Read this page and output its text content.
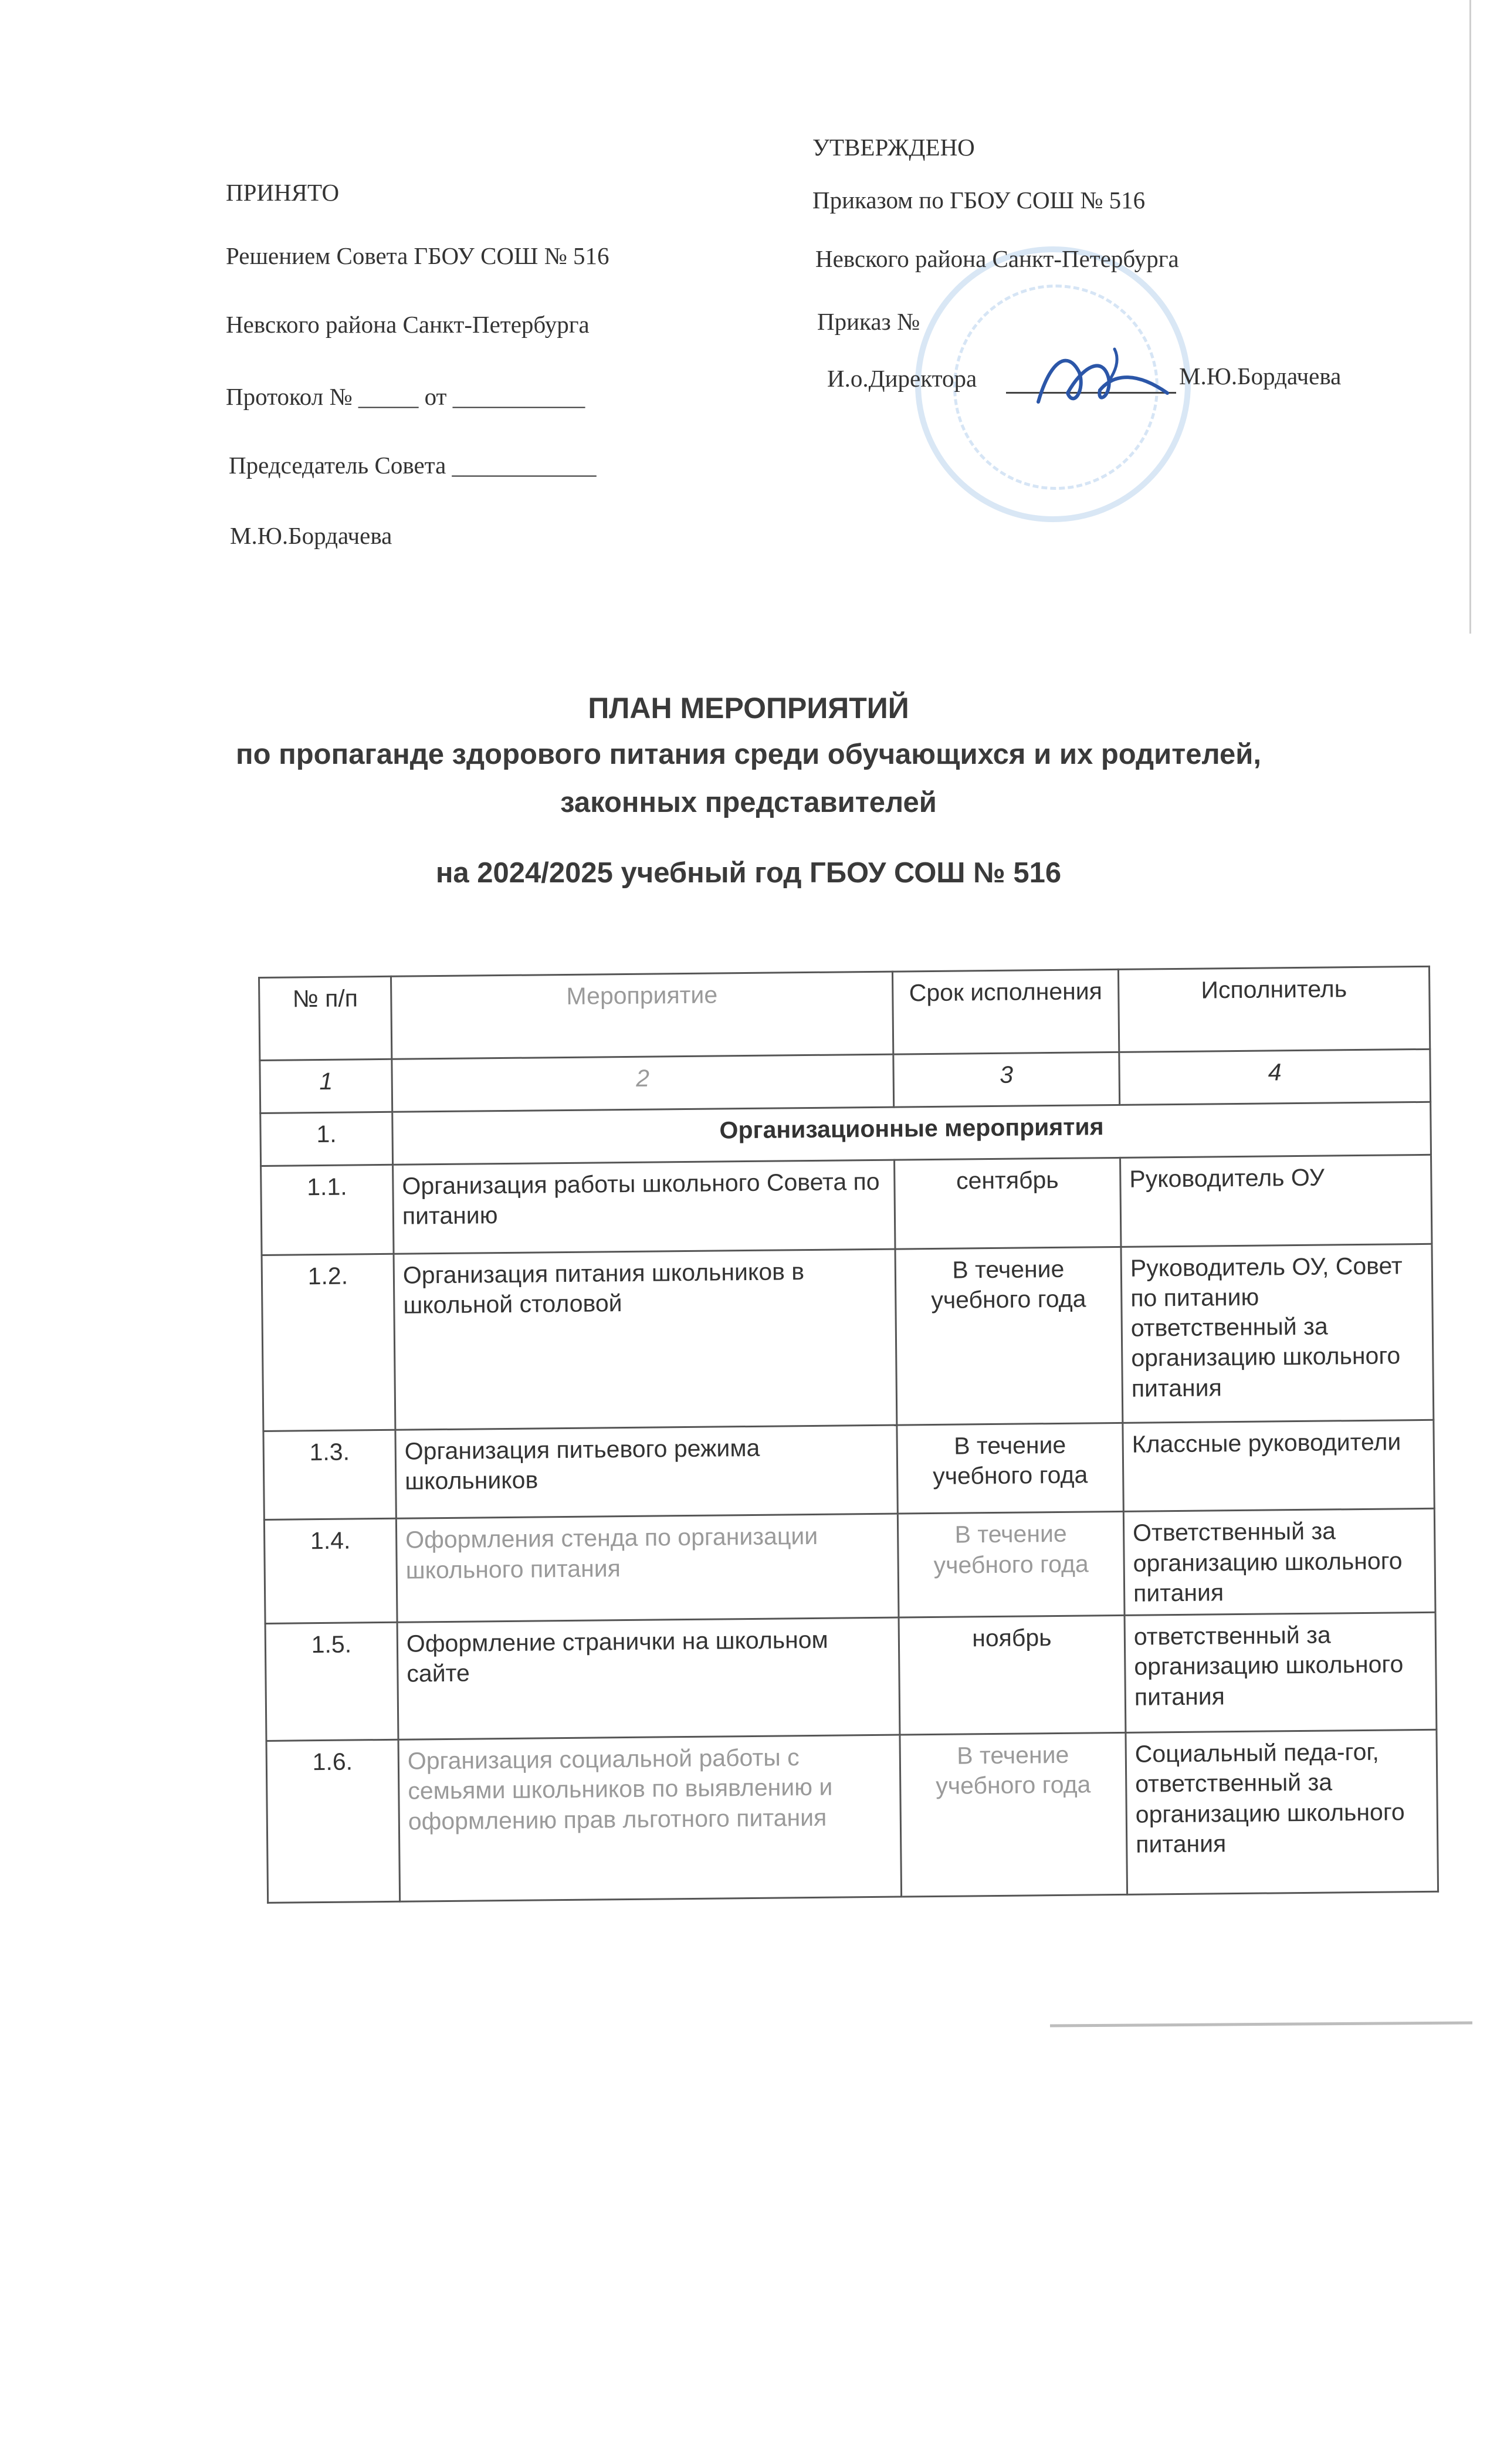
ПРИНЯТО
Решением Совета ГБОУ СОШ № 516
Невского района Санкт-Петербурга
Протокол № _____ от ___________
Председатель Совета ____________
М.Ю.Бордачева
УТВЕРЖДЕНО
Приказом по ГБОУ СОШ № 516
Невского района Санкт-Петербурга
Приказ №
И.о.Директора	М.Ю.Бордачева
ПЛАН МЕРОПРИЯТИЙ
по пропаганде здорового питания среди обучающихся и их родителей,
законных представителей
на 2024/2025 учебный год ГБОУ СОШ № 516
№ п/п	Мероприятие	Срок исполнения	Исполнитель
1	2	3	4
1.	Организационные мероприятия		
1.1.	Организация работы школьного Совета по питанию	сентябрь	Руководитель ОУ
1.2.	Организация питания школьников в школьной столовой	В течение учебного года	Руководитель ОУ, Совет по питанию ответственный за организацию школьного питания
1.3.	Организация питьевого режима школьников	В течение учебного года	Классные руководители
1.4.	Оформления стенда по организации школьного питания	В течение учебного года	Ответственный за организацию школьного питания
1.5.	Оформление странички на школьном сайте	ноябрь	ответственный за организацию школьного питания
1.6.	Организация социальной работы с семьями школьников по выявлению и оформлению прав льготного питания	В течение учебного года	Социальный педа-гог, ответственный за организацию школьного питания
